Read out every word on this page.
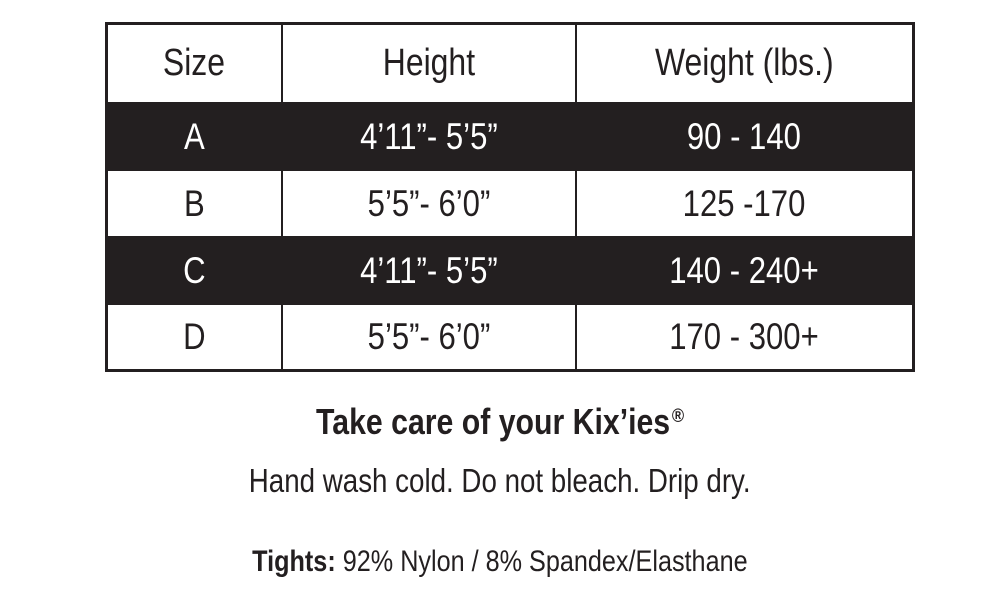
Size	Height	Weight (lbs.)
A	4’11”- 5’5”	90 - 140
B	5’5”- 6’0”	125 -170
C	4’11”- 5’5”	140 - 240+
D	5’5”- 6’0”	170 - 300+
Take care of your Kix’ies®
Hand wash cold. Do not bleach. Drip dry.
Tights: 92% Nylon / 8% Spandex/Elasthane
